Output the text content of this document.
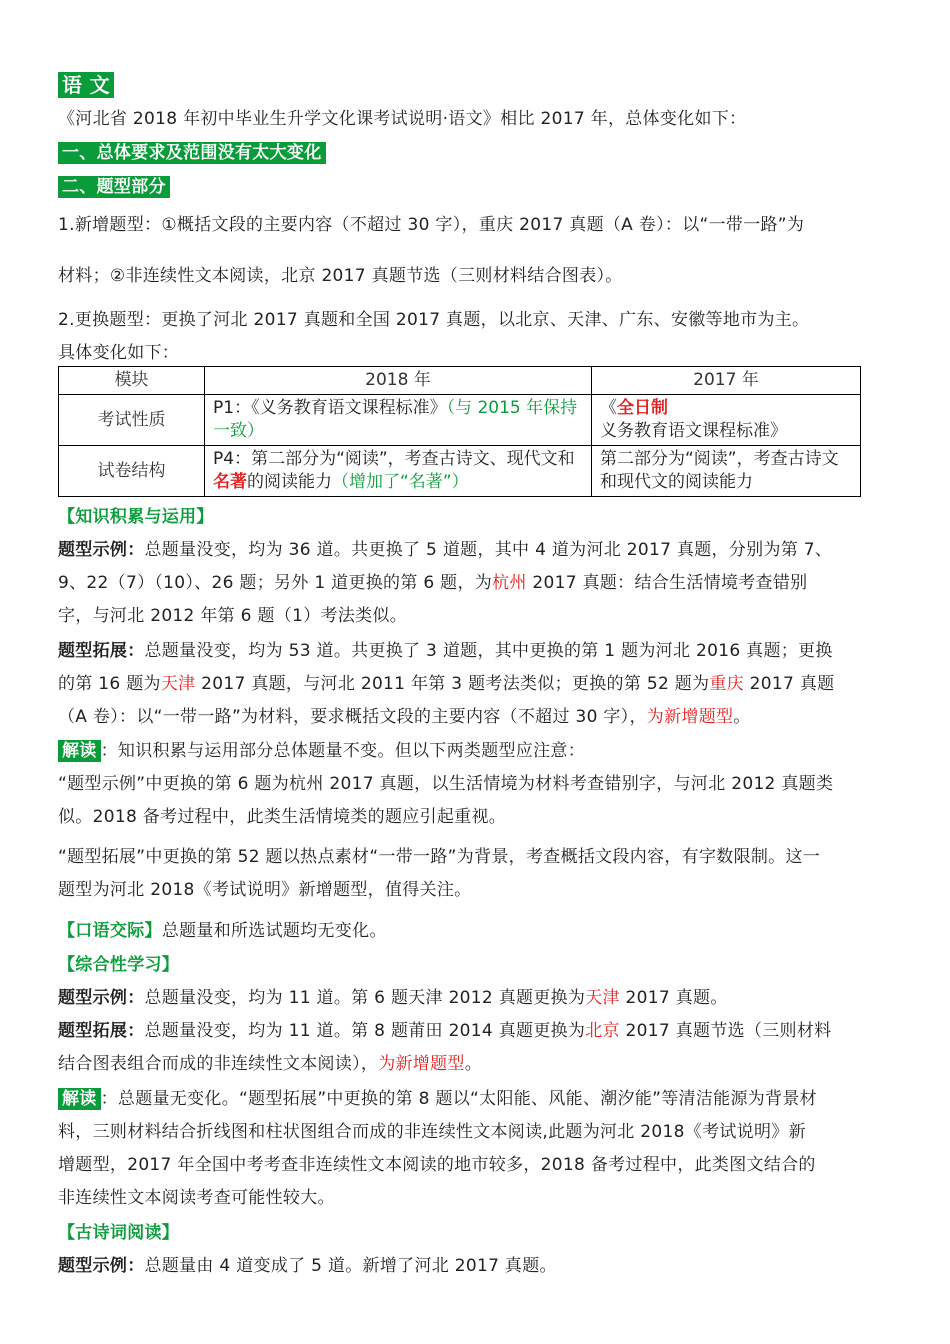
语 文
《河北省 2018 年初中毕业生升学文化课考试说明·语文》相比 2017 年，总体变化如下：
一、总体要求及范围没有太大变化
二、题型部分
1.新增题型：①概括文段的主要内容（不超过 30 字），重庆 2017 真题（A 卷）：以“一带一路”为
材料；②非连续性文本阅读，北京 2017 真题节选（三则材料结合图表）。
2.更换题型：更换了河北 2017 真题和全国 2017 真题，以北京、天津、广东、安徽等地市为主。
具体变化如下：
模块	2018 年	2017 年
考试性质	P1：《义务教育语文课程标准》（与 2015 年保持一致）	《全日制义务教育语文课程标准》
试卷结构	P4：第二部分为“阅读”，考查古诗文、现代文和名著的阅读能力（增加了“名著”）	第二部分为“阅读”，考查古诗文和现代文的阅读能力
【知识积累与运用】
题型示例：总题量没变，均为 36 道。共更换了 5 道题，其中 4 道为河北 2017 真题，分别为第 7、
9、22（7）（10）、26 题；另外 1 道更换的第 6 题，为杭州 2017 真题：结合生活情境考查错别
字，与河北 2012 年第 6 题（1）考法类似。
题型拓展：总题量没变，均为 53 道。共更换了 3 道题，其中更换的第 1 题为河北 2016 真题；更换
的第 16 题为天津 2017 真题，与河北 2011 年第 3 题考法类似；更换的第 52 题为重庆 2017 真题
（A 卷）：以“一带一路”为材料，要求概括文段的主要内容（不超过 30 字），为新增题型。
解读 ：知识积累与运用部分总体题量不变。但以下两类题型应注意：
“题型示例”中更换的第 6 题为杭州 2017 真题，以生活情境为材料考查错别字，与河北 2012 真题类
似。2018 备考过程中，此类生活情境类的题应引起重视。
“题型拓展”中更换的第 52 题以热点素材“一带一路”为背景，考查概括文段内容，有字数限制。这一
题型为河北 2018《考试说明》新增题型，值得关注。
【口语交际】总题量和所选试题均无变化。
【综合性学习】
题型示例：总题量没变，均为 11 道。第 6 题天津 2012 真题更换为天津 2017 真题。
题型拓展：总题量没变，均为 11 道。第 8 题莆田 2014 真题更换为北京 2017 真题节选（三则材料
结合图表组合而成的非连续性文本阅读），为新增题型。
解读 ：总题量无变化。“题型拓展”中更换的第 8 题以“太阳能、风能、潮汐能”等清洁能源为背景材
料，三则材料结合折线图和柱状图组合而成的非连续性文本阅读,此题为河北 2018《考试说明》新
增题型，2017 年全国中考考查非连续性文本阅读的地市较多，2018 备考过程中，此类图文结合的
非连续性文本阅读考查可能性较大。
【古诗词阅读】
题型示例：总题量由 4 道变成了 5 道。新增了河北 2017 真题。
